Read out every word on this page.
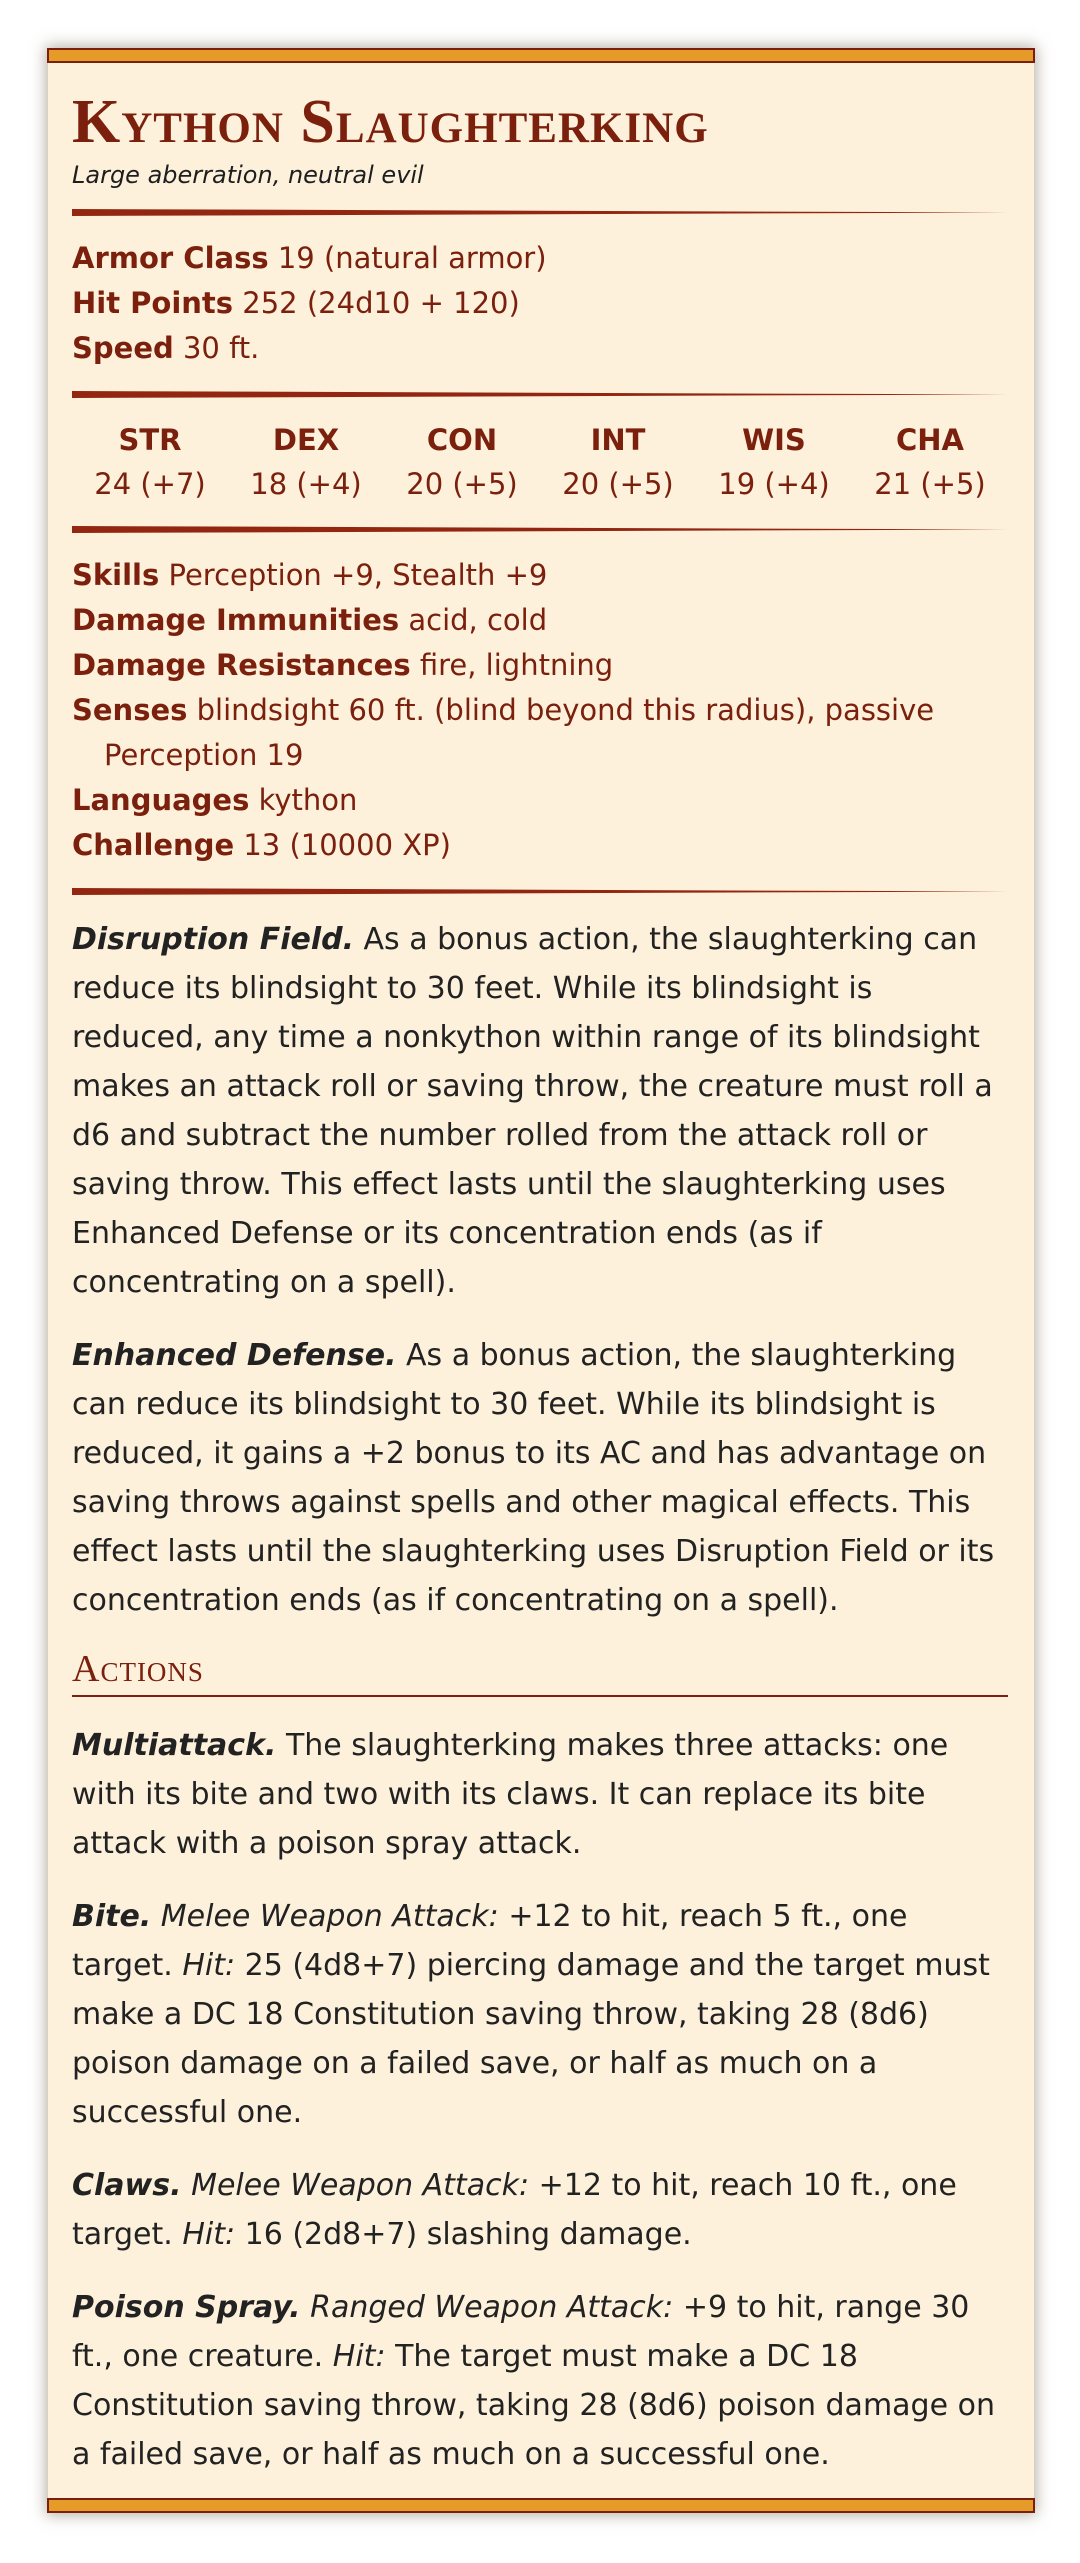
Kython Slaughterking
Large aberration, neutral evil
Armor Class 19 (natural armor)
Hit Points 252 (24d10 + 120)
Speed 30 ft.
STR
24 (+7)
DEX
18 (+4)
CON
20 (+5)
INT
20 (+5)
WIS
19 (+4)
CHA
21 (+5)
Skills Perception +9, Stealth +9
Damage Immunities acid, cold
Damage Resistances fire, lightning
Senses blindsight 60 ft. (blind beyond this radius), passive Perception 19
Languages kython
Challenge 13 (10000 XP)

Disruption Field. As a bonus action, the slaughterking can reduce its blindsight to 30 feet. While its blindsight is reduced, any time a nonkython within range of its blindsight makes an attack roll or saving throw, the creature must roll a d6 and subtract the number rolled from the attack roll or saving throw. This effect lasts until the slaughterking uses Enhanced Defense or its concentration ends (as if concentrating on a spell).

Enhanced Defense. As a bonus action, the slaughterking can reduce its blindsight to 30 feet. While its blindsight is reduced, it gains a +2 bonus to its AC and has advantage on saving throws against spells and other magical effects. This effect lasts until the slaughterking uses Disruption Field or its concentration ends (as if concentrating on a spell).

Actions

Multiattack. The slaughterking makes three attacks: one with its bite and two with its claws. It can replace its bite attack with a poison spray attack.

Bite. Melee Weapon Attack: +12 to hit, reach 5 ft., one target. Hit: 25 (4d8+7) piercing damage and the target must make a DC 18 Constitution saving throw, taking 28 (8d6) poison damage on a failed save, or half as much on a successful one.

Claws. Melee Weapon Attack: +12 to hit, reach 10 ft., one target. Hit: 16 (2d8+7) slashing damage.

Poison Spray. Ranged Weapon Attack: +9 to hit, range 30 ft., one creature. Hit: The target must make a DC 18 Constitution saving throw, taking 28 (8d6) poison damage on a failed save, or half as much on a successful one.
